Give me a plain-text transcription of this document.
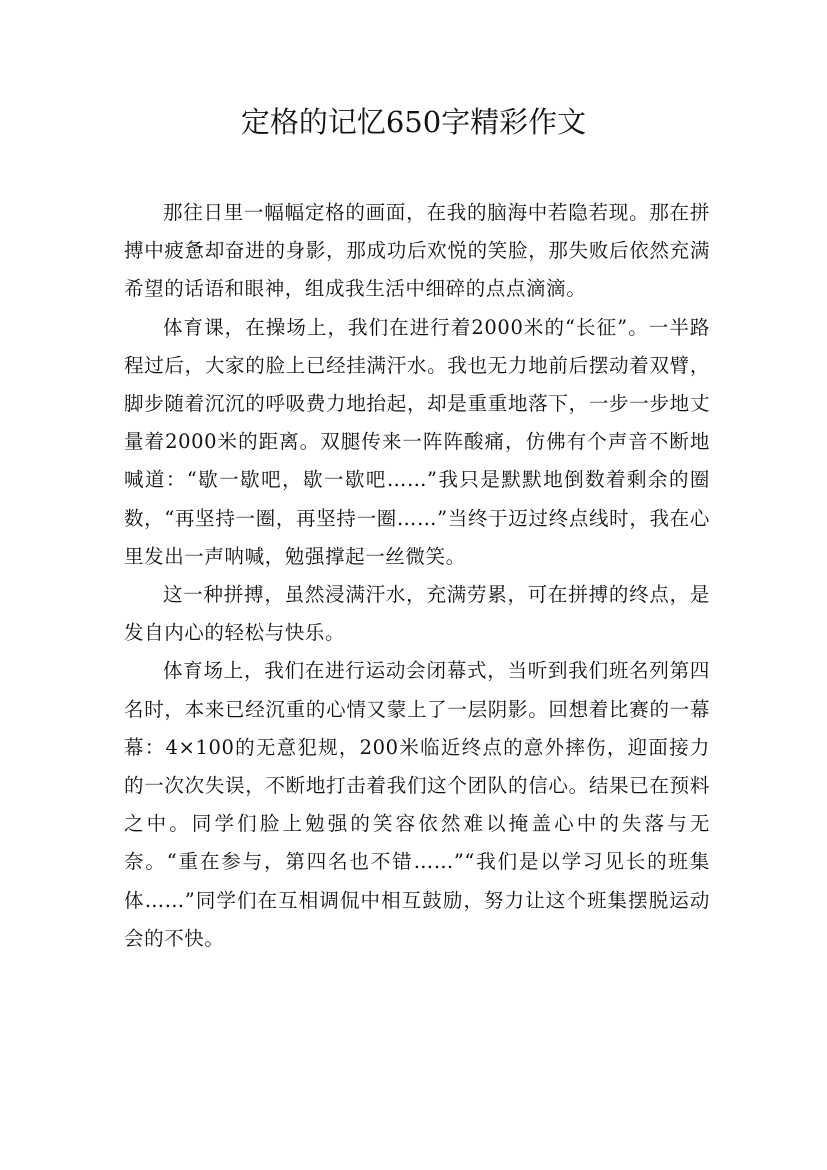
定格的记忆650字精彩作文

那往日里一幅幅定格的画面，在我的脑海中若隐若现。那在拼搏中疲惫却奋进的身影，那成功后欢悦的笑脸，那失败后依然充满希望的话语和眼神，组成我生活中细碎的点点滴滴。

体育课，在操场上，我们在进行着2000米的“长征”。一半路程过后，大家的脸上已经挂满汗水。我也无力地前后摆动着双臂，脚步随着沉沉的呼吸费力地抬起，却是重重地落下，一步一步地丈量着2000米的距离。双腿传来一阵阵酸痛，仿佛有个声音不断地喊道：“歇一歇吧，歇一歇吧……”我只是默默地倒数着剩余的圈数，“再坚持一圈，再坚持一圈……”当终于迈过终点线时，我在心里发出一声呐喊，勉强撑起一丝微笑。

这一种拼搏，虽然浸满汗水，充满劳累，可在拼搏的终点，是发自内心的轻松与快乐。

体育场上，我们在进行运动会闭幕式，当听到我们班名列第四名时，本来已经沉重的心情又蒙上了一层阴影。回想着比赛的一幕幕：4×100的无意犯规，200米临近终点的意外摔伤，迎面接力的一次次失误，不断地打击着我们这个团队的信心。结果已在预料之中。同学们脸上勉强的笑容依然难以掩盖心中的失落与无奈。“重在参与，第四名也不错……”“我们是以学习见长的班集体……”同学们在互相调侃中相互鼓励，努力让这个班集摆脱运动会的不快。
